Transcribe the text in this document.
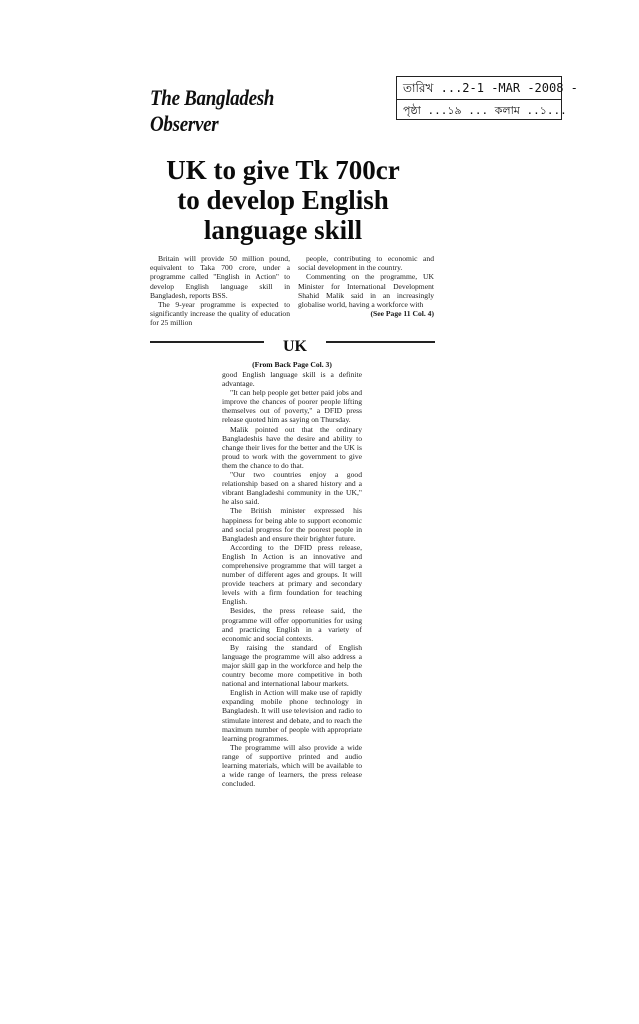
The Bangladesh Observer
তারিখ ...2-1 -MAR -2008 -
পৃষ্ঠা ...১৯ ... কলাম ..১...
UK to give Tk 700cr
to develop English
language skill

Britain will provide 50 million pound, equivalent to Taka 700 crore, under a programme called "English in Action" to develop English language skill in Bangladesh, reports BSS.

The 9-year programme is expected to significantly increase the quality of education for 25 million

people, contributing to economic and social development in the country.

Commenting on the programme, UK Minister for International Development Shahid Malik said in an increasingly globalise world, having a workforce with

(See Page 11 Col. 4)
UK
(From Back Page Col. 3)

good English language skill is a definite advantage.

"It can help people get better paid jobs and improve the chances of poorer people lifting themselves out of poverty," a DFID press release quoted him as saying on Thursday.

Malik pointed out that the ordinary Bangladeshis have the desire and ability to change their lives for the better and the UK is proud to work with the government to give them the chance to do that.

"Our two countries enjoy a good relationship based on a shared history and a vibrant Bangladeshi community in the UK," he also said.

The British minister expressed his happiness for being able to support economic and social progress for the poorest people in Bangladesh and ensure their brighter future.

According to the DFID press release, English In Action is an innovative and comprehensive programme that will target a number of different ages and groups. It will provide teachers at primary and secondary levels with a firm foundation for teaching English.

Besides, the press release said, the programme will offer opportunities for using and practicing English in a variety of economic and social contexts.

By raising the standard of English language the programme will also address a major skill gap in the workforce and help the country become more competitive in both national and international labour markets.

English in Action will make use of rapidly expanding mobile phone technology in Bangladesh. It will use television and radio to stimulate interest and debate, and to reach the maximum number of people with appropriate learning programmes.

The programme will also provide a wide range of supportive printed and audio learning materials, which will be available to a wide range of learners, the press release concluded.
